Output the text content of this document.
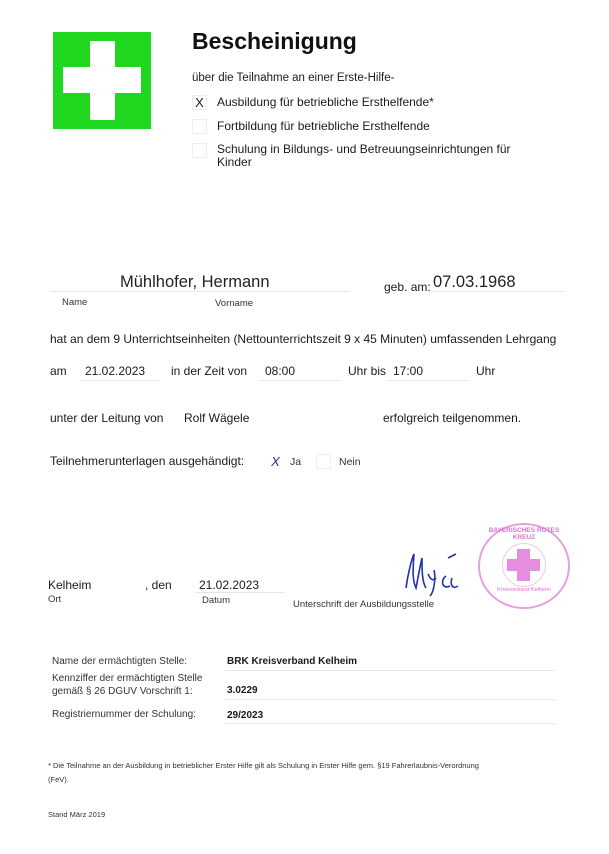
Bescheinigung
über die Teilnahme an einer Erste-Hilfe-
X Ausbildung für betriebliche Ersthelfende*
Fortbildung für betriebliche Ersthelfende
Schulung in Bildungs- und Betreuungseinrichtungen für
Kinder
Mühlhofer, Hermann	geb. am: 07.03.1968
Name	Vorname
hat an dem 9 Unterrichtseinheiten (Nettounterrichtszeit 9 x 45 Minuten) umfassenden Lehrgang
am 21.02.2023 in der Zeit von 08:00	Uhr bis 17:00	Uhr
unter der Leitung von Rolf Wägele	erfolgreich teilgenommen.
Teilnehmerunterlagen ausgehändigt: X Ja	Nein
Kelheim	, den 21.02.2023
Ort	Datum	Unterschrift der Ausbildungsstelle
BAYERISCHES ROTES KREUZ
Kreisverband Kelheim
Name der ermächtigten Stelle:	BRK Kreisverband Kelheim
Kennziffer der ermächtigten Stelle
gemäß § 26 DGUV Vorschrift 1:	3.0229
Registriernummer der Schulung:	29/2023
* Die Teilnahme an der Ausbildung in betrieblicher Erster Hilfe gilt als Schulung in Erster Hilfe gem. §19 Fahrerlaubnis-Verordnung
(FeV).
Stand März 2019
